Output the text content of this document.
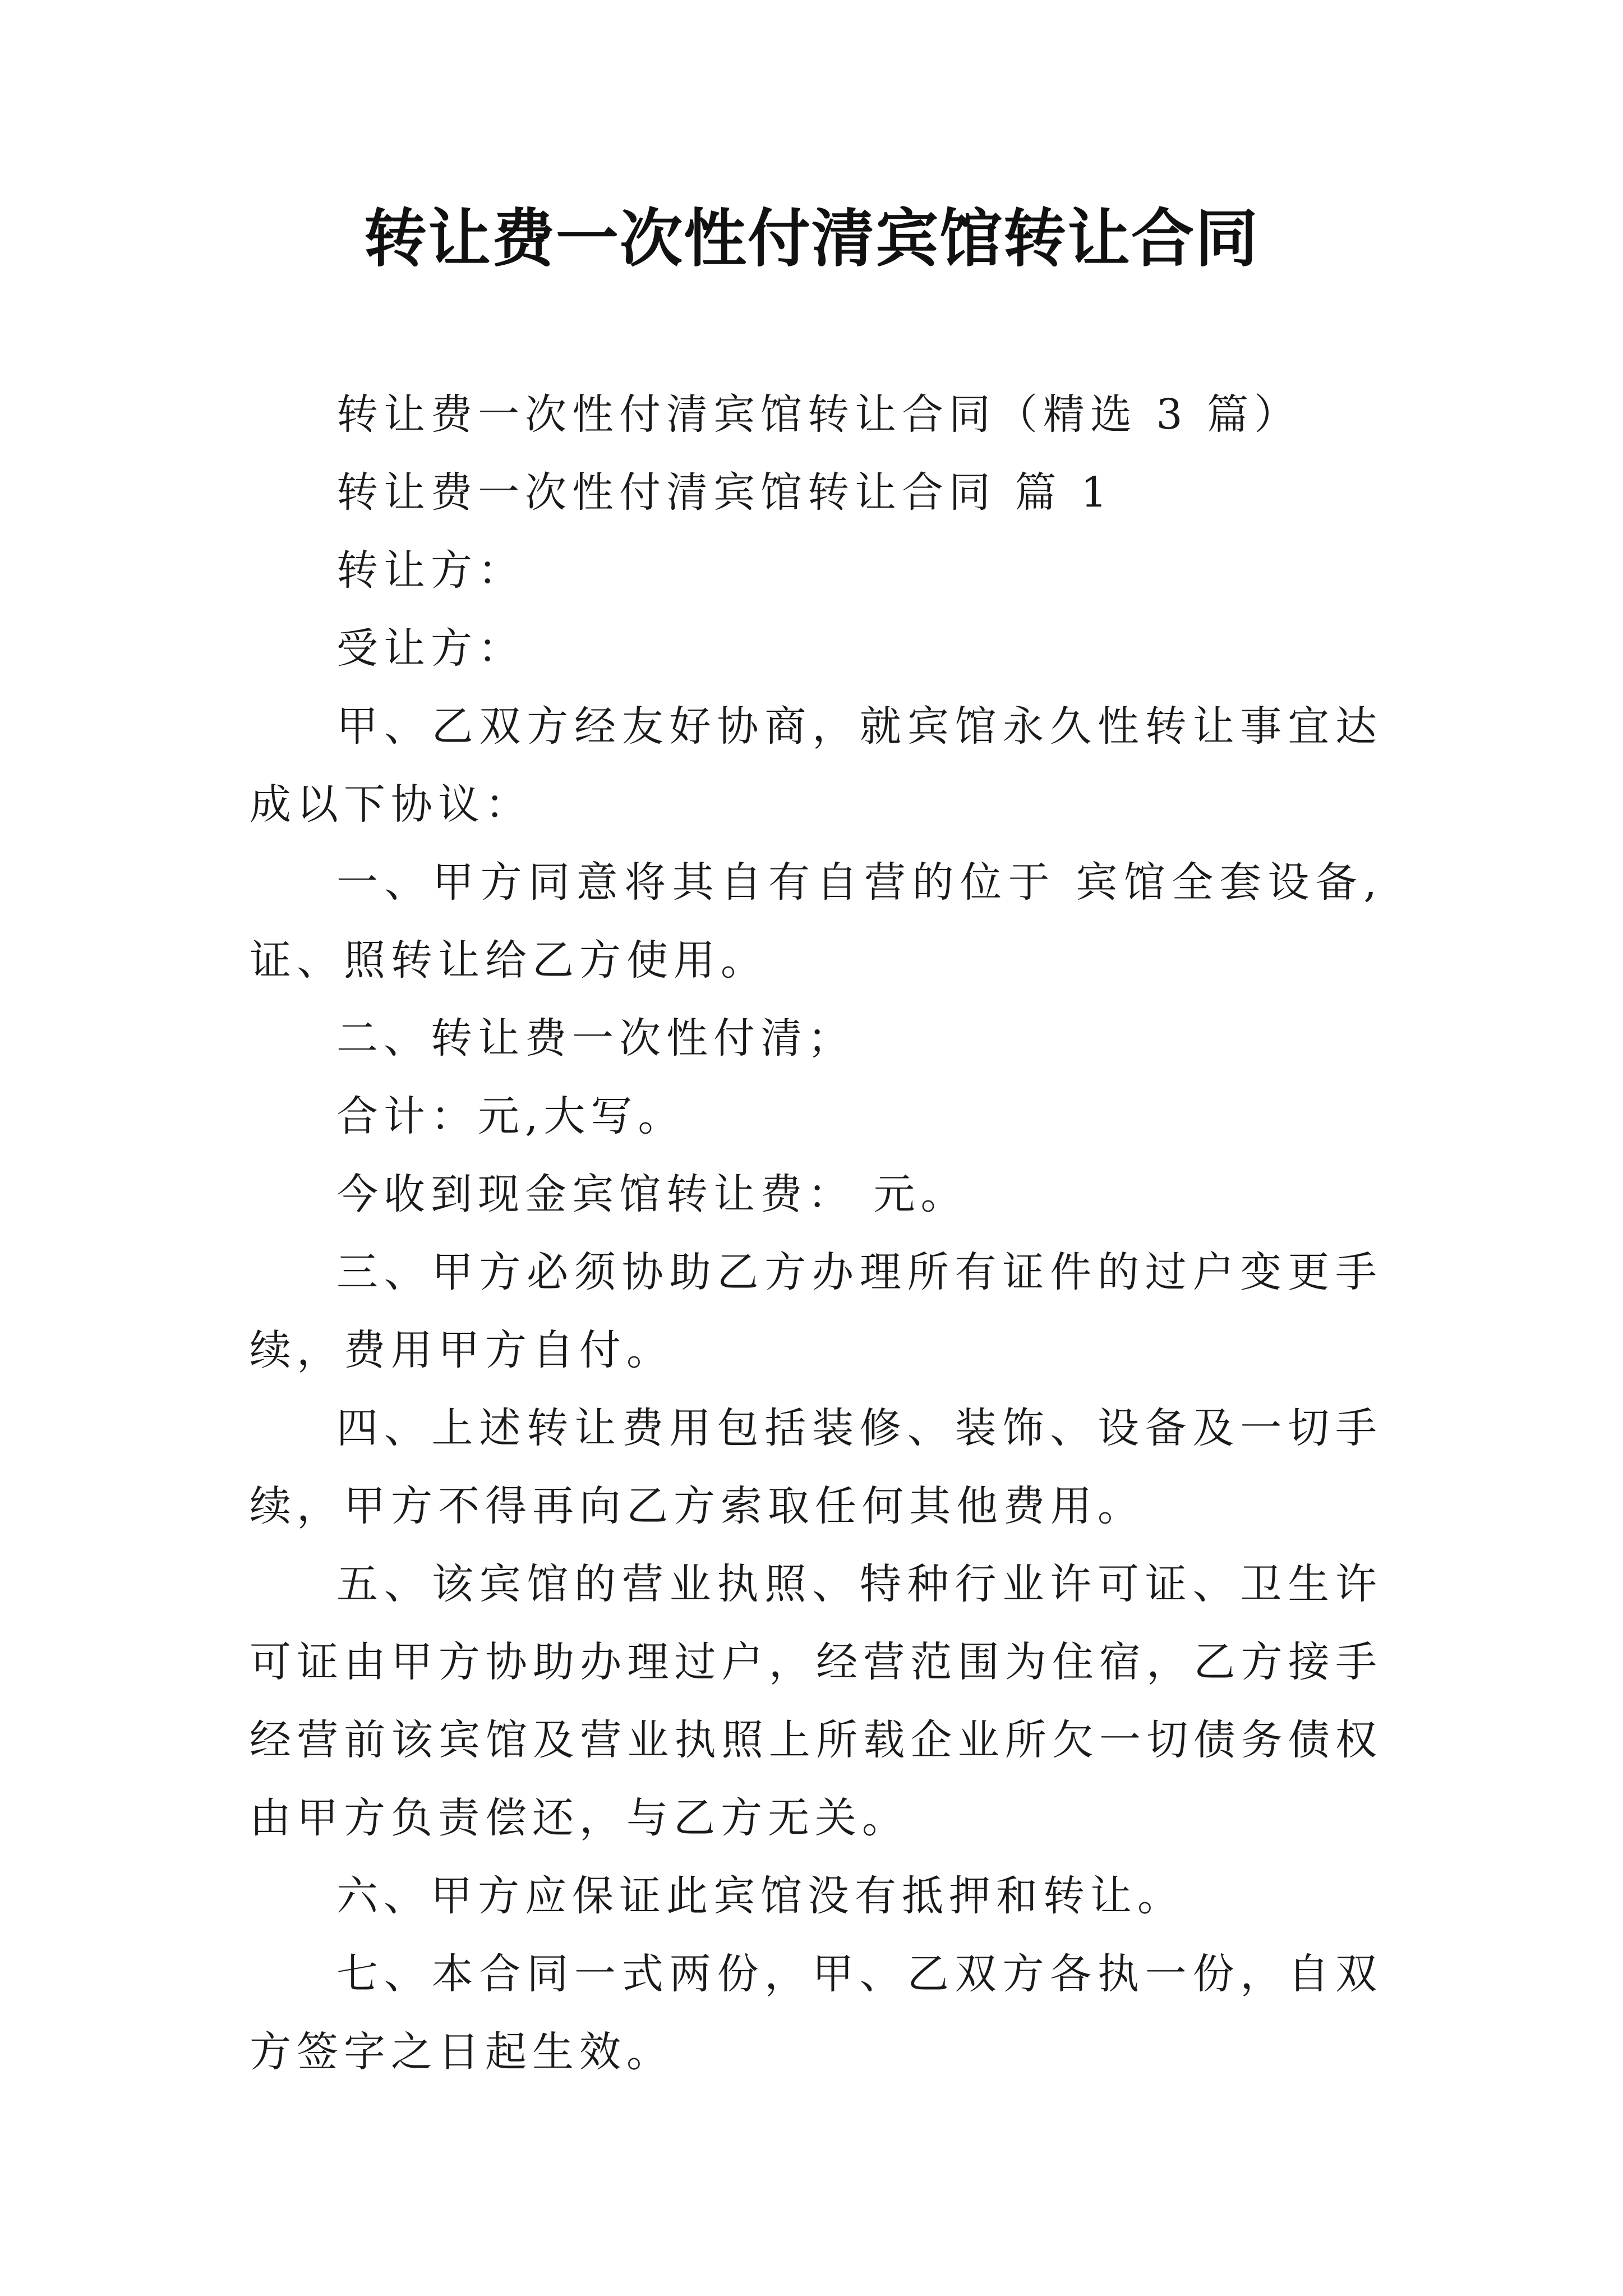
转让费一次性付清宾馆转让合同

转让费一次性付清宾馆转让合同（精选 3 篇）

转让费一次性付清宾馆转让合同 篇 1

转让方：

受让方：

甲、乙双方经友好协商，就宾馆永久性转让事宜达成以下协议：

一、甲方同意将其自有自营的位于 宾馆全套设备,证、照转让给乙方使用。

二、转让费一次性付清；

合计：元,大写。

今收到现金宾馆转让费： 元。

三、甲方必须协助乙方办理所有证件的过户变更手续，费用甲方自付。

四、上述转让费用包括装修、装饰、设备及一切手续，甲方不得再向乙方索取任何其他费用。

五、该宾馆的营业执照、特种行业许可证、卫生许可证由甲方协助办理过户，经营范围为住宿，乙方接手经营前该宾馆及营业执照上所载企业所欠一切债务债权由甲方负责偿还，与乙方无关。

六、甲方应保证此宾馆没有抵押和转让。

七、本合同一式两份，甲、乙双方各执一份，自双方签字之日起生效。
